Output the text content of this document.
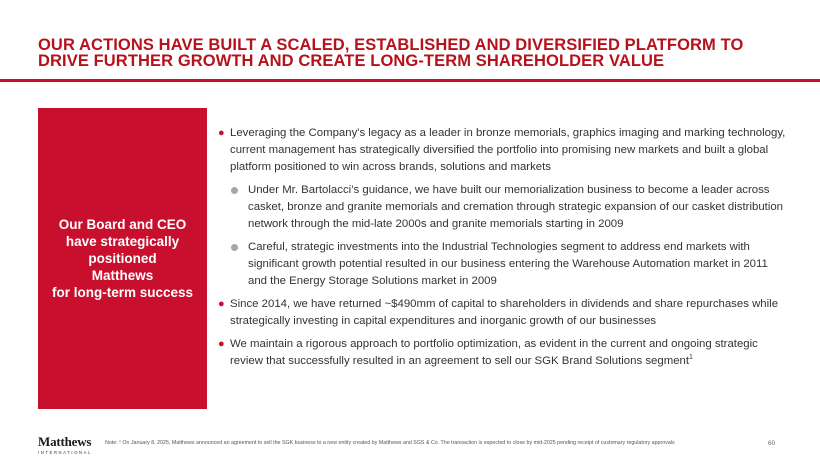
OUR ACTIONS HAVE BUILT A SCALED, ESTABLISHED AND DIVERSIFIED PLATFORM TO
DRIVE FURTHER GROWTH AND CREATE LONG-TERM SHAREHOLDER VALUE
Our Board and CEO
have strategically
positioned
Matthews
for long-term success
● Leveraging the Company's legacy as a leader in bronze memorials, graphics imaging and marking technology, current management has strategically diversified the portfolio into promising new markets and built a global platform positioned to win across brands, solutions and markets
Under Mr. Bartolacci’s guidance, we have built our memorialization business to become a leader across casket, bronze and granite memorials and cremation through strategic expansion of our casket distribution network through the mid-late 2000s and granite memorials starting in 2009
Careful, strategic investments into the Industrial Technologies segment to address end markets with significant growth potential resulted in our business entering the Warehouse Automation market in 2011 and the Energy Storage Solutions market in 2009
● Since 2014, we have returned ~$490mm of capital to shareholders in dividends and share repurchases while strategically investing in capital expenditures and inorganic growth of our businesses
● We maintain a rigorous approach to portfolio optimization, as evident in the current and ongoing strategic review that successfully resulted in an agreement to sell our SGK Brand Solutions segment$^1$
Matthews
INTERNATIONAL
Note: ¹ On January 8, 2025, Matthews announced an agreement to sell the SGK business to a new entity created by Matthews and SGS & Co. The transaction is expected to close by mid-2025 pending receipt of customary regulatory approvals	60
